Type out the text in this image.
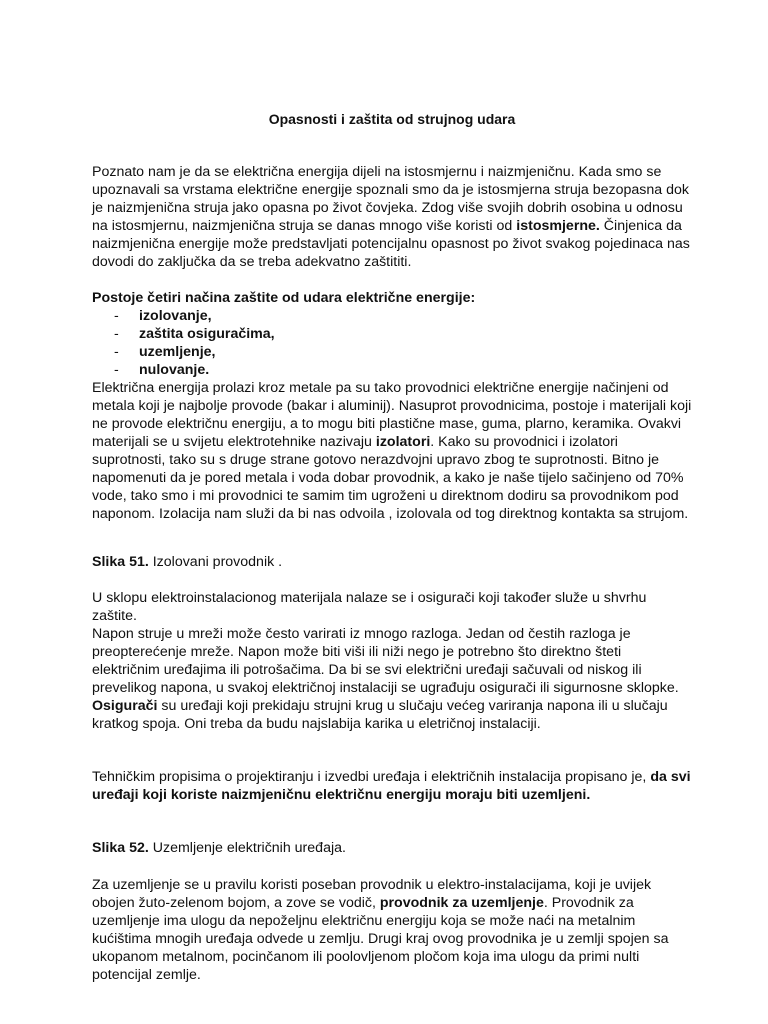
Opasnosti i zaštita od strujnog udara

Poznato nam je da se električna energija dijeli na istosmjernu i naizmjeničnu. Kada smo se upoznavali sa vrstama električne energije spoznali smo da je istosmjerna struja bezopasna dok je naizmjenična struja jako opasna po život čovjeka. Zdog više svojih dobrih osobina u odnosu na istosmjernu, naizmjenična struja se danas mnogo više koristi od istosmjerne. Činjenica da naizmjenična energije može predstavljati potencijalnu opasnost po život svakog pojedinaca nas dovodi do zaključka da se treba adekvatno zaštititi.

Postoje četiri načina zaštite od udara električne energije:

- izolovanje,
- zaštita osiguračima,
- uzemljenje,
- nulovanje.

Električna energija prolazi kroz metale pa su tako provodnici električne energije načinjeni od metala koji je najbolje provode (bakar i aluminij). Nasuprot provodnicima, postoje i materijali koji ne provode električnu energiju, a to mogu biti plastične mase, guma, plarno, keramika. Ovakvi materijali se u svijetu elektrotehnike nazivaju izolatori. Kako su provodnici i izolatori suprotnosti, tako su s druge strane gotovo nerazdvojni upravo zbog te suprotnosti. Bitno je napomenuti da je pored metala i voda dobar provodnik, a kako je naše tijelo sačinjeno od 70% vode, tako smo i mi provodnici te samim tim ugroženi u direktnom dodiru sa provodnikom pod naponom. Izolacija nam služi da bi nas odvoila , izolovala od tog direktnog kontakta sa strujom.

Slika 51. Izolovani provodnik .

U sklopu elektroinstalacionog materijala nalaze se i osigurači koji također služe u shvrhu zaštite.

Napon struje u mreži može često varirati iz mnogo razloga. Jedan od čestih razloga je preopterećenje mreže. Napon može biti viši ili niži nego je potrebno što direktno šteti električnim uređajima ili potrošačima. Da bi se svi električni uređaji sačuvali od niskog ili prevelikog napona, u svakoj električnoj instalaciji se ugrađuju osigurači ili sigurnosne sklopke.

Osigurači su uređaji koji prekidaju strujni krug u slučaju većeg variranja napona ili u slučaju kratkog spoja. Oni treba da budu najslabija karika u eletričnoj instalaciji.

Tehničkim propisima o projektiranju i izvedbi uređaja i električnih instalacija propisano je, da svi uređaji koji koriste naizmjeničnu električnu energiju moraju biti uzemljeni.

Slika 52. Uzemljenje električnih uređaja.

Za uzemljenje se u pravilu koristi poseban provodnik u elektro-instalacijama, koji je uvijek obojen žuto-zelenom bojom, a zove se vodič, provodnik za uzemljenje. Provodnik za uzemljenje ima ulogu da nepoželjnu električnu energiju koja se može naći na metalnim kućištima mnogih uređaja odvede u zemlju. Drugi kraj ovog provodnika je u zemlji spojen sa ukopanom metalnom, pocinčanom ili poolovljenom pločom koja ima ulogu da primi nulti potencijal zemlje.
